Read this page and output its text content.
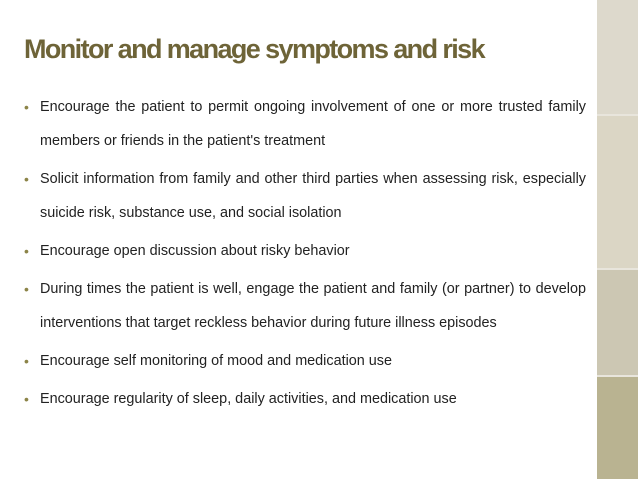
Monitor and manage symptoms and risk
• Encourage the patient to permit ongoing involvement of one or more trusted family members or friends in the patient's treatment
• Solicit information from family and other third parties when assessing risk, especially suicide risk, substance use, and social isolation
• Encourage open discussion about risky behavior
• During times the patient is well, engage the patient and family (or partner) to develop interventions that target reckless behavior during future illness episodes
• Encourage self monitoring of mood and medication use
• Encourage regularity of sleep, daily activities, and medication use
